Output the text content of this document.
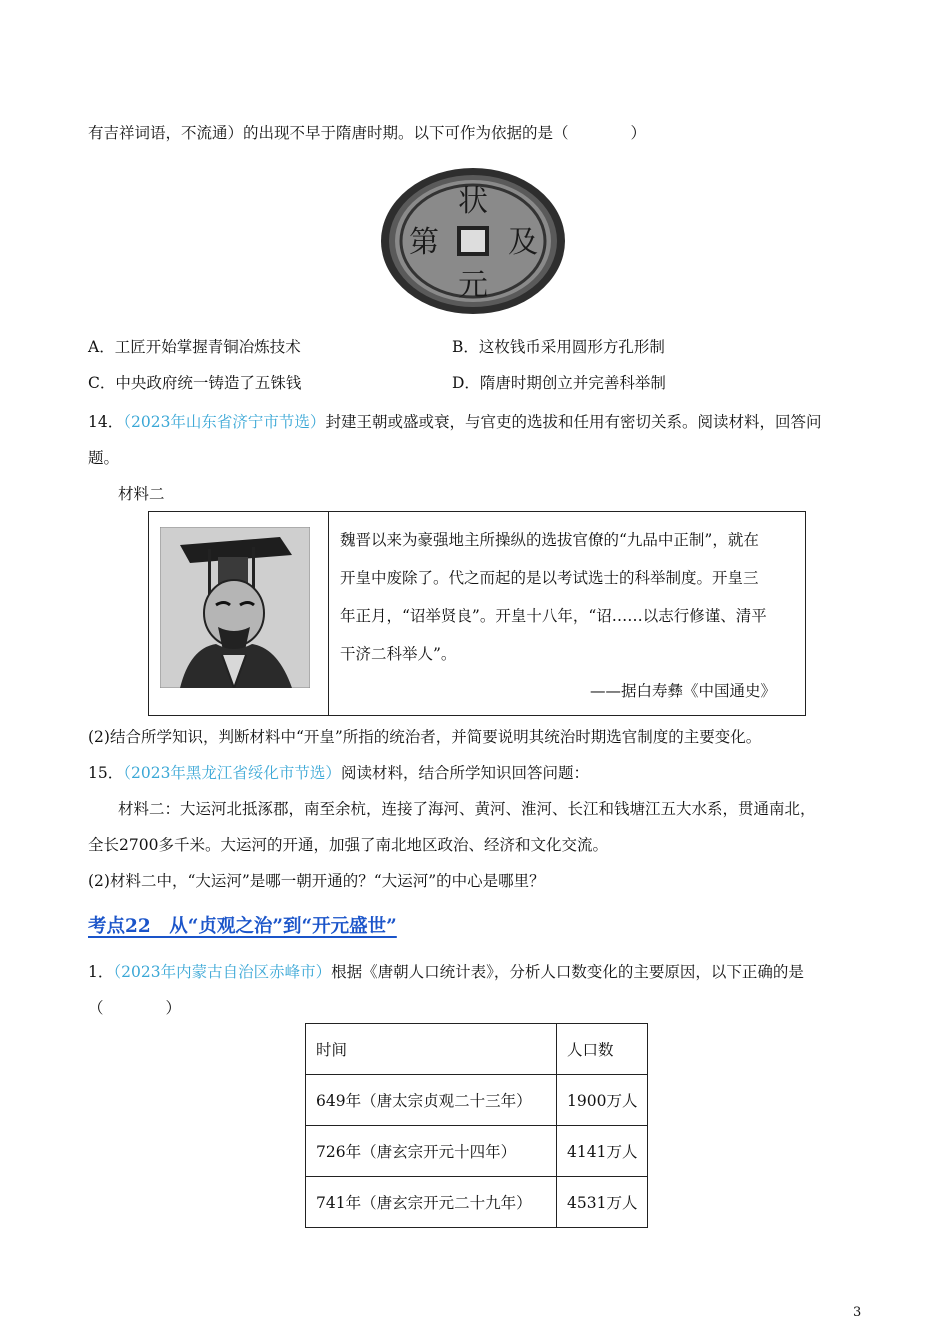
有吉祥词语，不流通）的出现不早于隋唐时期。以下可作为依据的是（　　　　）
状
及
元
第
A．工匠开始掌握青铜冶炼技术	B．这枚钱币采用圆形方孔形制
C．中央政府统一铸造了五铢钱	D．隋唐时期创立并完善科举制
14．（2023年山东省济宁市节选）封建王朝或盛或衰，与官吏的选拔和任用有密切关系。阅读材料，回答问
题。
材料二
魏晋以来为豪强地主所操纵的选拔官僚的“九品中正制”，就在
开皇中废除了。代之而起的是以考试选士的科举制度。开皇三
年正月，“诏举贤良”。开皇十八年，“诏……以志行修谨、清平
干济二科举人”。
——据白寿彝《中国通史》
(2)结合所学知识，判断材料中“开皇”所指的统治者，并简要说明其统治时期选官制度的主要变化。
15．（2023年黑龙江省绥化市节选）阅读材料，结合所学知识回答问题：
材料二：大运河北抵涿郡，南至余杭，连接了海河、黄河、淮河、长江和钱塘江五大水系，贯通南北，
全长2700多千米。大运河的开通，加强了南北地区政治、经济和文化交流。
(2)材料二中，“大运河”是哪一朝开通的？“大运河”的中心是哪里？
考点22　从“贞观之治”到“开元盛世”
1．（2023年内蒙古自治区赤峰市）根据《唐朝人口统计表》，分析人口数变化的主要原因，以下正确的是
（　　　　）
时间	人口数
649年（唐太宗贞观二十三年）	1900万人
726年（唐玄宗开元十四年）	4141万人
741年（唐玄宗开元二十九年）	4531万人
3
